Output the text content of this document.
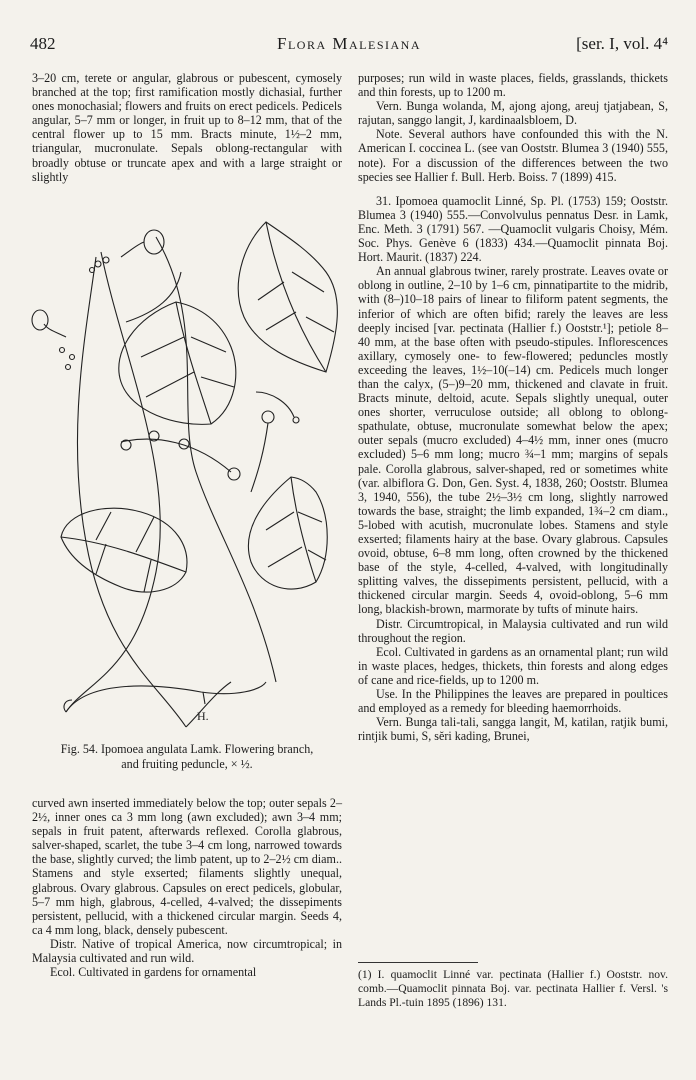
482	Flora Malesiana	[ser. I, vol. 4⁴

3–20 cm, terete or angular, glabrous or pubescent, cymosely branched at the top; first ramification mostly dichasial, further ones monochasial; flowers and fruits on erect pedicels. Pedicels angular, 5–7 mm or longer, in fruit up to 8–12 mm, that of the central flower up to 15 mm. Bracts minute, 1½–2 mm, triangular, mucronulate. Sepals oblong-rectangular with broadly obtuse or truncate apex and with a large straight or slightly

H.
Fig. 54. Ipomoea angulata Lamk. Flowering branch,
and fruiting peduncle, × ½.

curved awn inserted immediately below the top; outer sepals 2–2½, inner ones ca 3 mm long (awn excluded); awn 3–4 mm; sepals in fruit patent, afterwards reflexed. Corolla glabrous, salver-shaped, scarlet, the tube 3–4 cm long, narrowed towards the base, slightly curved; the limb patent, up to 2–2½ cm diam.. Stamens and style exserted; filaments slightly unequal, glabrous. Ovary glabrous. Capsules on erect pedicels, globular, 5–7 mm high, glabrous, 4-celled, 4-valved; the dissepiments persistent, pellucid, with a thickened circular margin. Seeds 4, ca 4 mm long, black, densely pubescent.

Distr. Native of tropical America, now circumtropical; in Malaysia cultivated and run wild.

Ecol. Cultivated in gardens for ornamental

purposes; run wild in waste places, fields, grasslands, thickets and thin forests, up to 1200 m.

Vern. Bunga wolanda, M, ajong ajong, areuj tjatjabean, S, rajutan, sanggo langit, J, kardinaalsbloem, D.

Note. Several authors have confounded this with the N. American I. coccinea L. (see van Ooststr. Blumea 3 (1940) 555, note). For a discussion of the differences between the two species see Hallier f. Bull. Herb. Boiss. 7 (1899) 415.

31. Ipomoea quamoclit Linné, Sp. Pl. (1753) 159; Ooststr. Blumea 3 (1940) 555.—Convolvulus pennatus Desr. in Lamk, Enc. Meth. 3 (1791) 567. —Quamoclit vulgaris Choisy, Mém. Soc. Phys. Genève 6 (1833) 434.—Quamoclit pinnata Boj. Hort. Maurit. (1837) 224.

An annual glabrous twiner, rarely prostrate. Leaves ovate or oblong in outline, 2–10 by 1–6 cm, pinnatipartite to the midrib, with (8–)10–18 pairs of linear to filiform patent segments, the inferior of which are often bifid; rarely the leaves are less deeply incised [var. pectinata (Hallier f.) Ooststr.¹]; petiole 8–40 mm, at the base often with pseudo-stipules. Inflorescences axillary, cymosely one- to few-flowered; peduncles mostly exceeding the leaves, 1½–10(–14) cm. Pedicels much longer than the calyx, (5–)9–20 mm, thickened and clavate in fruit. Bracts minute, deltoid, acute. Sepals slightly unequal, outer ones shorter, verruculose outside; all oblong to oblong-spathulate, obtuse, mucronulate somewhat below the apex; outer sepals (mucro excluded) 4–4½ mm, inner ones (mucro excluded) 5–6 mm long; mucro ¾–1 mm; margins of sepals pale. Corolla glabrous, salver-shaped, red or sometimes white (var. albiflora G. Don, Gen. Syst. 4, 1838, 260; Ooststr. Blumea 3, 1940, 556), the tube 2½–3½ cm long, slightly narrowed towards the base, straight; the limb expanded, 1¾–2 cm diam., 5-lobed with acutish, mucronulate lobes. Stamens and style exserted; filaments hairy at the base. Ovary glabrous. Capsules ovoid, obtuse, 6–8 mm long, often crowned by the thickened base of the style, 4-celled, 4-valved, with longitudinally splitting valves, the dissepiments persistent, pellucid, with a thickened circular margin. Seeds 4, ovoid-oblong, 5–6 mm long, blackish-brown, marmorate by tufts of minute hairs.

Distr. Circumtropical, in Malaysia cultivated and run wild throughout the region.

Ecol. Cultivated in gardens as an ornamental plant; run wild in waste places, hedges, thickets, thin forests and along edges of cane and rice-fields, up to 1200 m.

Use. In the Philippines the leaves are prepared in poultices and employed as a remedy for bleeding haemorrhoids.

Vern. Bunga tali-tali, sangga langit, M, katilan, ratjik bumi, rintjik bumi, S, sĕri kading, Brunei,

(1) I. quamoclit Linné var. pectinata (Hallier f.) Ooststr. nov. comb.—Quamoclit pinnata Boj. var. pectinata Hallier f. Versl. 's Lands Pl.-tuin 1895 (1896) 131.
